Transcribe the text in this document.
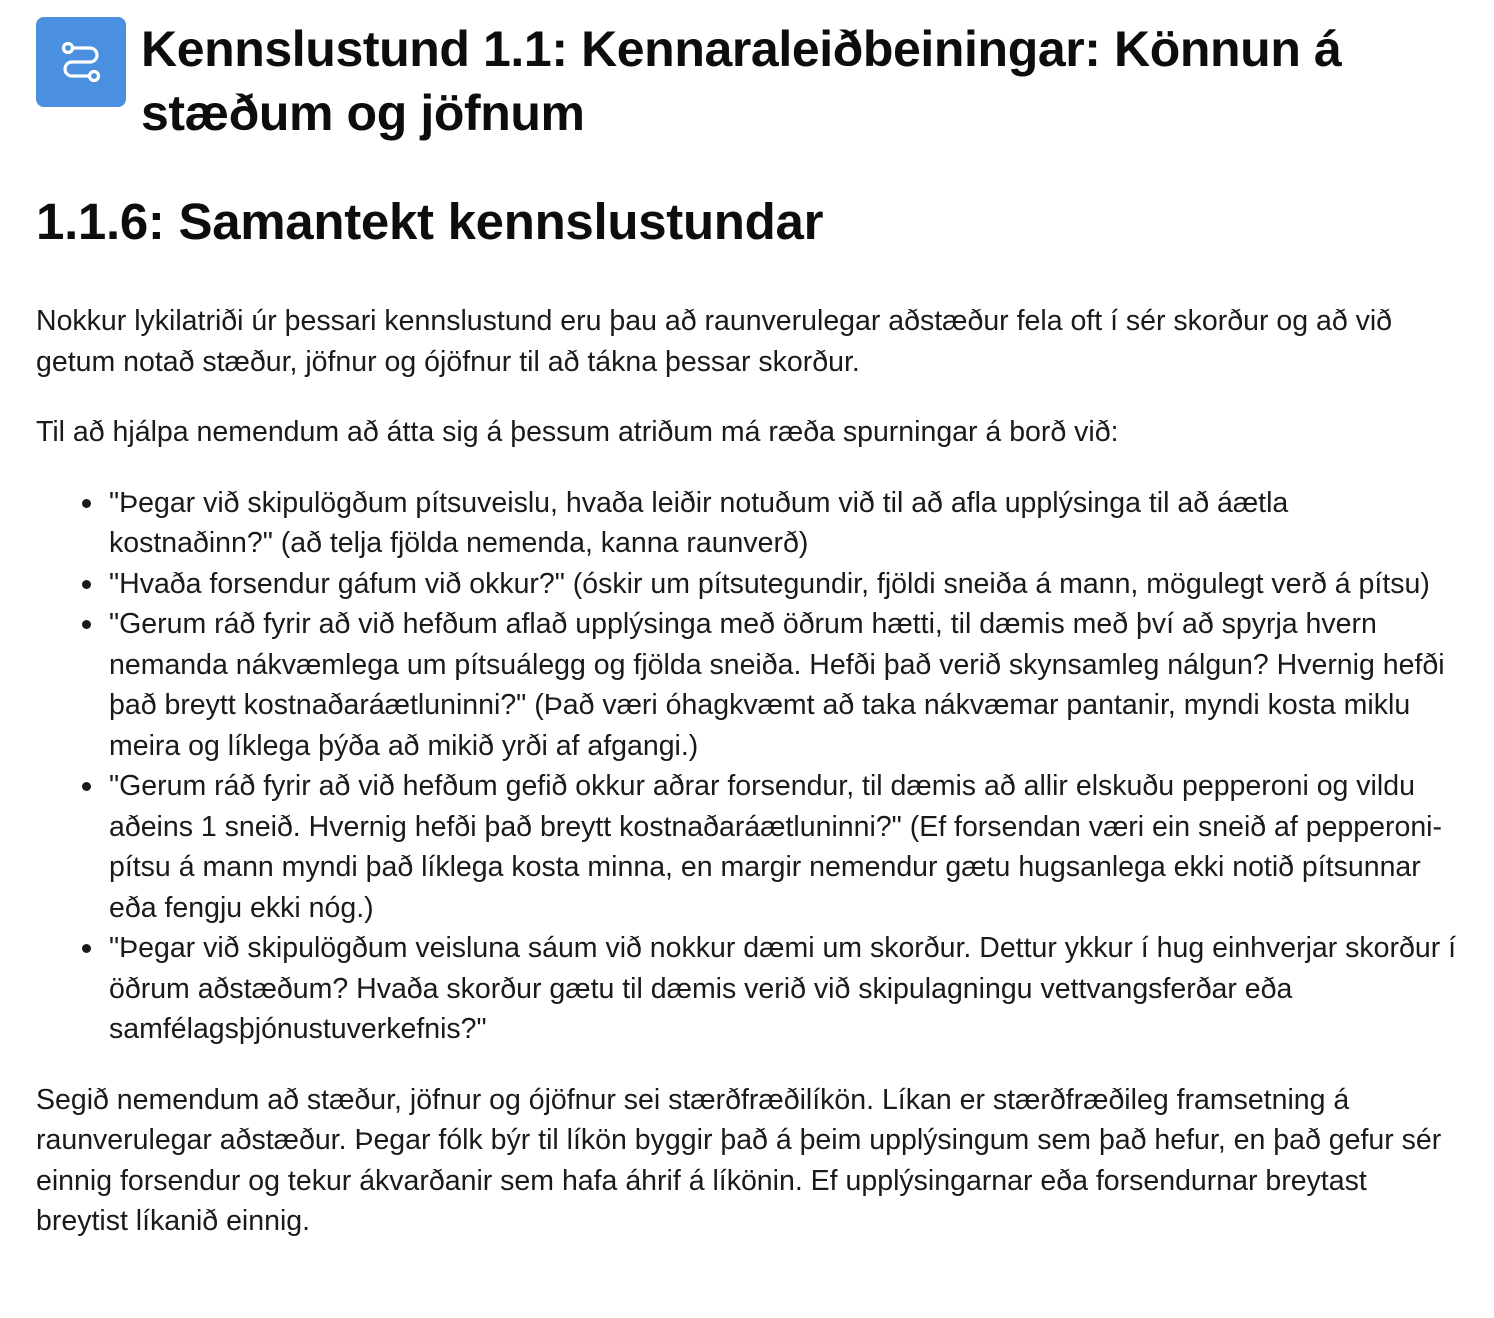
Kennslustund 1.1: Kennaraleiðbeiningar: Könnun á stæðum og jöfnum
1.1.6: Samantekt kennslustundar

Nokkur lykilatriði úr þessari kennslustund eru þau að raunverulegar aðstæður fela oft í sér skorður og að við getum notað stæður, jöfnur og ójöfnur til að tákna þessar skorður.

Til að hjálpa nemendum að átta sig á þessum atriðum má ræða spurningar á borð við:

"Þegar við skipulögðum pítsuveislu, hvaða leiðir notuðum við til að afla upplýsinga til að áætla kostnaðinn?" (að telja fjölda nemenda, kanna raunverð)
"Hvaða forsendur gáfum við okkur?" (óskir um pítsutegundir, fjöldi sneiða á mann, mögulegt verð á pítsu)
"Gerum ráð fyrir að við hefðum aflað upplýsinga með öðrum hætti, til dæmis með því að spyrja hvern nemanda nákvæmlega um pítsuálegg og fjölda sneiða. Hefði það verið skynsamleg nálgun? Hvernig hefði það breytt kostnaðaráætluninni?" (Það væri óhagkvæmt að taka nákvæmar pantanir, myndi kosta miklu meira og líklega þýða að mikið yrði af afgangi.)
"Gerum ráð fyrir að við hefðum gefið okkur aðrar forsendur, til dæmis að allir elskuðu pepperoni og vildu aðeins 1 sneið. Hvernig hefði það breytt kostnaðaráætluninni?" (Ef forsendan væri ein sneið af pepperoni-pítsu á mann myndi það líklega kosta minna, en margir nemendur gætu hugsanlega ekki notið pítsunnar eða fengju ekki nóg.)
"Þegar við skipulögðum veisluna sáum við nokkur dæmi um skorður. Dettur ykkur í hug einhverjar skorður í öðrum aðstæðum? Hvaða skorður gætu til dæmis verið við skipulagningu vettvangsferðar eða samfélagsþjónustuverkefnis?"

Segið nemendum að stæður, jöfnur og ójöfnur sei stærðfræðilíkön. Líkan er stærðfræðileg framsetning á raunverulegar aðstæður. Þegar fólk býr til líkön byggir það á þeim upplýsingum sem það hefur, en það gefur sér einnig forsendur og tekur ákvarðanir sem hafa áhrif á líkönin. Ef upplýsingarnar eða forsendurnar breytast breytist líkanið einnig.
